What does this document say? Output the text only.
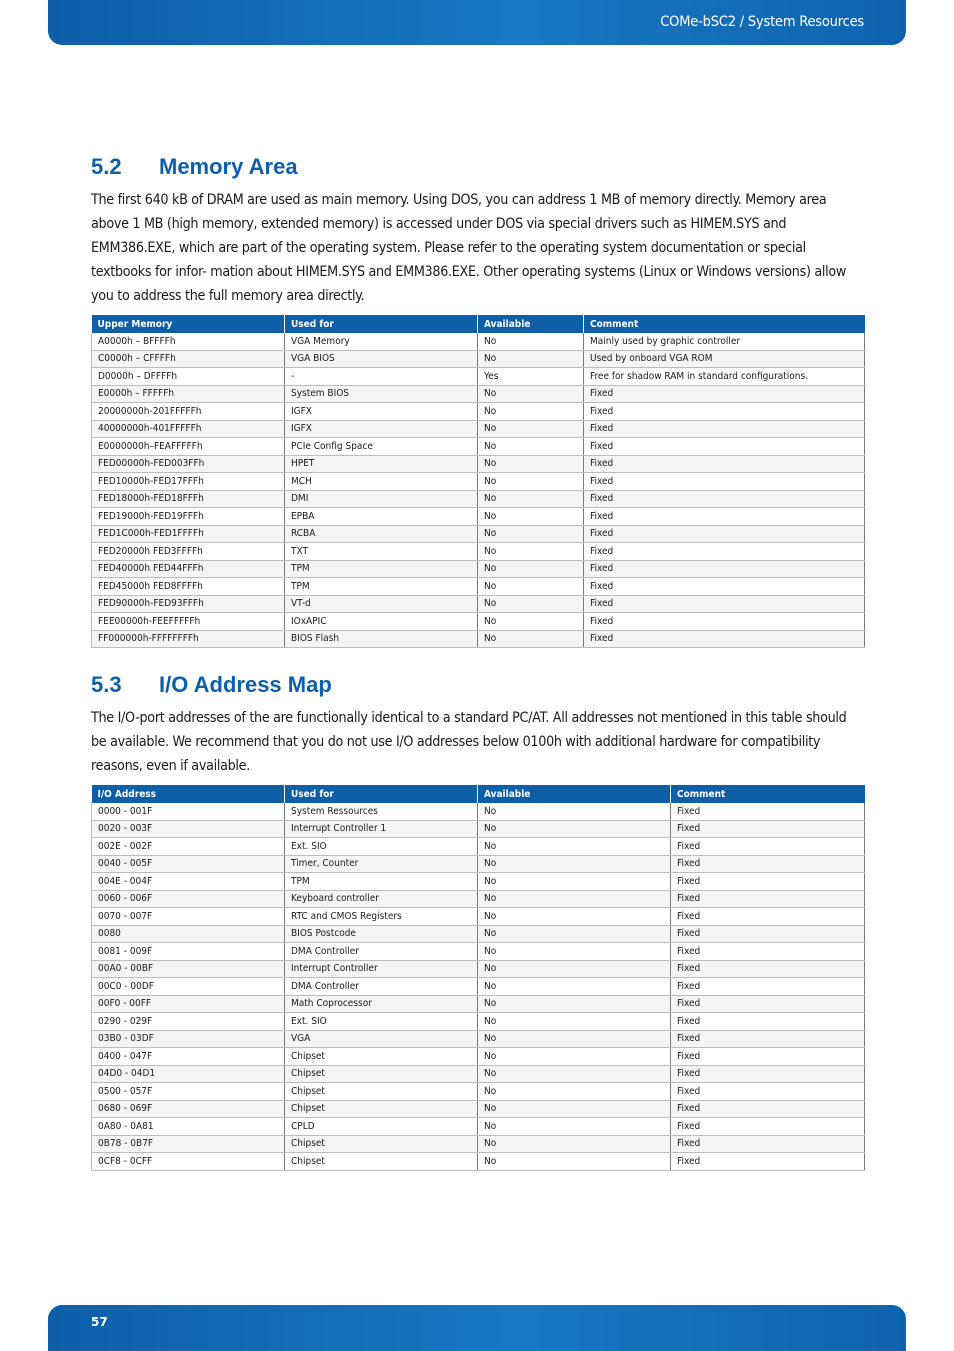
COMe-bSC2 / System Resources
5.2 Memory Area

The first 640 kB of DRAM are used as main memory. Using DOS, you can address 1 MB of memory directly. Memory area above 1 MB (high memory, extended memory) is accessed under DOS via special drivers such as HIMEM.SYS and EMM386.EXE, which are part of the operating system. Please refer to the operating system documentation or special textbooks for infor- mation about HIMEM.SYS and EMM386.EXE. Other operating systems (Linux or Windows versions) allow you to address the full memory area directly.

Upper Memory	Used for	Available	Comment
A0000h – BFFFFh	VGA Memory	No	Mainly used by graphic controller
C0000h – CFFFFh	VGA BIOS	No	Used by onboard VGA ROM
D0000h – DFFFFh	-	Yes	Free for shadow RAM in standard configurations.
E0000h – FFFFFh	System BIOS	No	Fixed
20000000h-201FFFFFh	IGFX	No	Fixed
40000000h-401FFFFFh	IGFX	No	Fixed
E0000000h–FEAFFFFFh	PCIe Config Space	No	Fixed
FED00000h-FED003FFh	HPET	No	Fixed
FED10000h-FED17FFFh	MCH	No	Fixed
FED18000h-FED18FFFh	DMI	No	Fixed
FED19000h-FED19FFFh	EPBA	No	Fixed
FED1C000h-FED1FFFFh	RCBA	No	Fixed
FED20000h FED3FFFFh	TXT	No	Fixed
FED40000h FED44FFFh	TPM	No	Fixed
FED45000h FED8FFFFh	TPM	No	Fixed
FED90000h-FED93FFFh	VT-d	No	Fixed
FEE00000h-FEEFFFFFh	IOxAPIC	No	Fixed
FF000000h-FFFFFFFFh	BIOS Flash	No	Fixed
5.3 I/O Address Map

The I/O-port addresses of the are functionally identical to a standard PC/AT. All addresses not mentioned in this table should be available. We recommend that you do not use I/O addresses below 0100h with additional hardware for compatibility reasons, even if available.

I/O Address	Used for	Available	Comment
0000 - 001F	System Ressources	No	Fixed
0020 - 003F	Interrupt Controller 1	No	Fixed
002E - 002F	Ext. SIO	No	Fixed
0040 - 005F	Timer, Counter	No	Fixed
004E - 004F	TPM	No	Fixed
0060 - 006F	Keyboard controller	No	Fixed
0070 - 007F	RTC and CMOS Registers	No	Fixed
0080	BIOS Postcode	No	Fixed
0081 - 009F	DMA Controller	No	Fixed
00A0 - 00BF	Interrupt Controller	No	Fixed
00C0 - 00DF	DMA Controller	No	Fixed
00F0 - 00FF	Math Coprocessor	No	Fixed
0290 - 029F	Ext. SIO	No	Fixed
03B0 - 03DF	VGA	No	Fixed
0400 - 047F	Chipset	No	Fixed
04D0 - 04D1	Chipset	No	Fixed
0500 - 057F	Chipset	No	Fixed
0680 - 069F	Chipset	No	Fixed
0A80 - 0A81	CPLD	No	Fixed
0B78 - 0B7F	Chipset	No	Fixed
0CF8 - 0CFF	Chipset	No	Fixed
57
